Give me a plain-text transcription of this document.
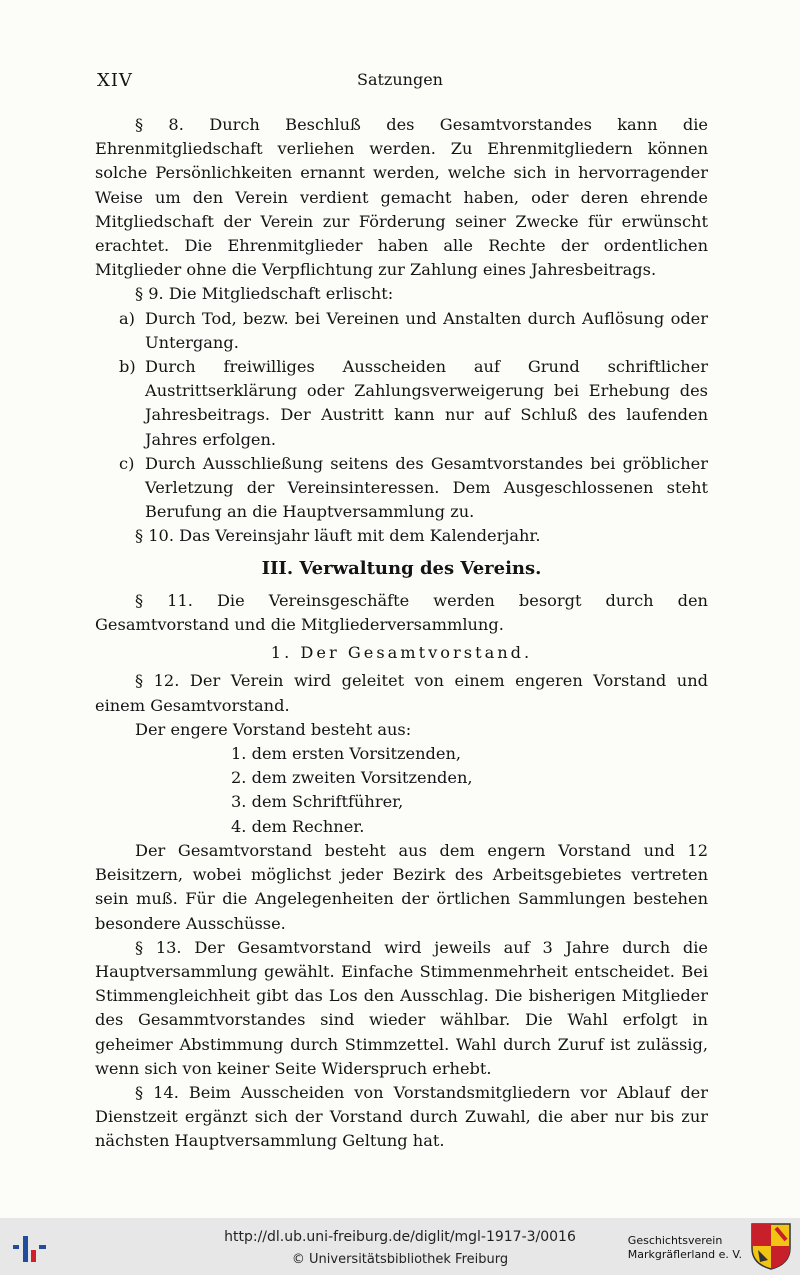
XIV	Satzungen

§ 8. Durch Beschluß des Gesamtvorstandes kann die Ehrenmitgliedschaft verliehen werden. Zu Ehrenmitgliedern können solche Persönlichkeiten ernannt werden, welche sich in hervorragender Weise um den Verein verdient gemacht haben, oder deren ehrende Mitgliedschaft der Verein zur Förderung seiner Zwecke für erwünscht erachtet. Die Ehrenmitglieder haben alle Rechte der ordentlichen Mitglieder ohne die Verpflichtung zur Zahlung eines Jahresbeitrags.

§ 9. Die Mitgliedschaft erlischt:

a) Durch Tod, bezw. bei Vereinen und Anstalten durch Auflösung oder Untergang.

b) Durch freiwilliges Ausscheiden auf Grund schriftlicher Austrittserklärung oder Zahlungsverweigerung bei Erhebung des Jahresbeitrags. Der Austritt kann nur auf Schluß des laufenden Jahres erfolgen.

c) Durch Ausschließung seitens des Gesamtvorstandes bei gröblicher Verletzung der Vereinsinteressen. Dem Ausgeschlossenen steht Berufung an die Hauptversammlung zu.

§ 10. Das Vereinsjahr läuft mit dem Kalenderjahr.

III. Verwaltung des Vereins.

§ 11. Die Vereinsgeschäfte werden besorgt durch den Gesamtvorstand und die Mitgliederversammlung.

1. Der Gesamtvorstand.

§ 12. Der Verein wird geleitet von einem engeren Vorstand und einem Gesamtvorstand.

Der engere Vorstand besteht aus:

1. dem ersten Vorsitzenden,

2. dem zweiten Vorsitzenden,

3. dem Schriftführer,

4. dem Rechner.

Der Gesamtvorstand besteht aus dem engern Vorstand und 12 Beisitzern, wobei möglichst jeder Bezirk des Arbeitsgebietes vertreten sein muß. Für die Angelegenheiten der örtlichen Sammlungen bestehen besondere Ausschüsse.

§ 13. Der Gesamtvorstand wird jeweils auf 3 Jahre durch die Hauptversammlung gewählt. Einfache Stimmenmehrheit entscheidet. Bei Stimmengleichheit gibt das Los den Ausschlag. Die bisherigen Mitglieder des Gesammtvorstandes sind wieder wählbar. Die Wahl erfolgt in geheimer Abstimmung durch Stimmzettel. Wahl durch Zuruf ist zulässig, wenn sich von keiner Seite Widerspruch erhebt.

§ 14. Beim Ausscheiden von Vorstandsmitgliedern vor Ablauf der Dienstzeit ergänzt sich der Vorstand durch Zuwahl, die aber nur bis zur nächsten Hauptversammlung Geltung hat.

http://dl.ub.uni-freiburg.de/diglit/mgl-1917-3/0016
© Universitätsbibliothek Freiburg
Geschichtsverein
Markgräflerland e. V.
